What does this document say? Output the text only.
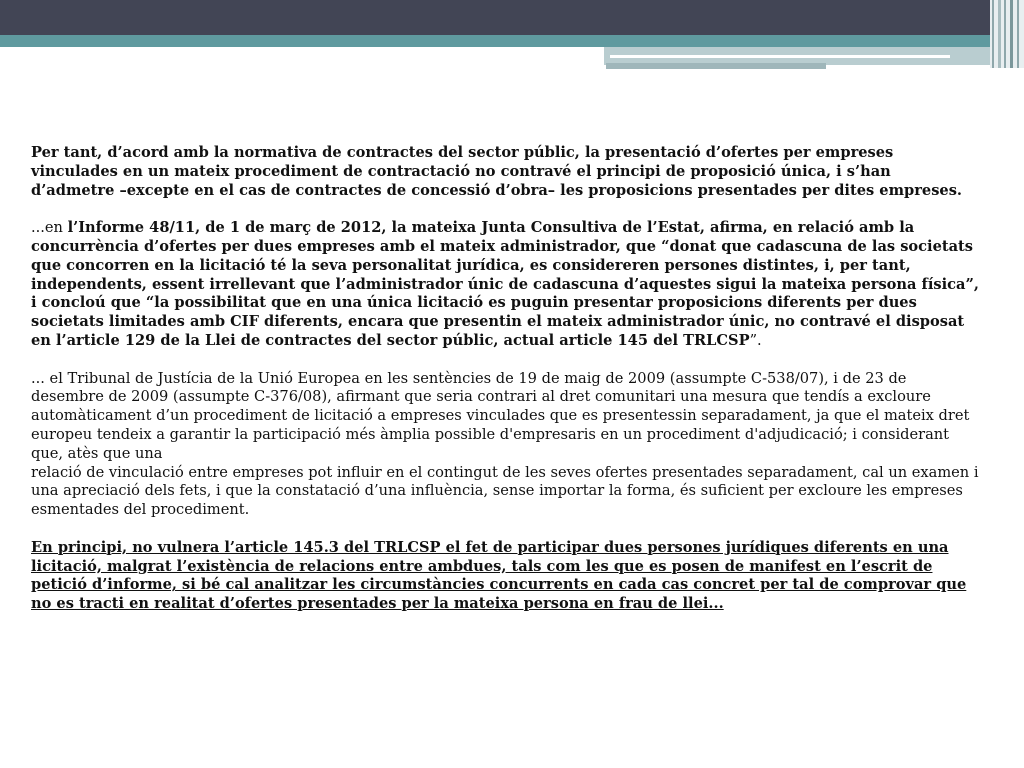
Per tant, d’acord amb la normativa de contractes del sector públic, la presentació d’ofertes per empreses vinculades en un mateix procediment de contractació no contravé el principi de proposició única, i s’han d’admetre –excepte en el cas de contractes de concessió d’obra– les proposicions presentades per dites empreses.

...en l’Informe 48/11, de 1 de març de 2012, la mateixa Junta Consultiva de l’Estat, afirma, en relació amb la concurrència d’ofertes per dues empreses amb el mateix administrador, que “donat que cadascuna de las societats que concorren en la licitació té la seva personalitat jurídica, es considereren persones distintes, i, per tant, independents, essent irrellevant que l’administrador únic de cadascuna d’aquestes sigui la mateixa persona física”, i concloú que “la possibilitat que en una única licitació es puguin presentar proposicions diferents per dues societats limitades amb CIF diferents, encara que presentin el mateix administrador únic, no contravé el disposat en l’article 129 de la Llei de contractes del sector públic, actual article 145 del TRLCSP”.

... el Tribunal de Justícia de la Unió Europea en les sentències de 19 de maig de 2009 (assumpte C-538/07), i de 23 de desembre de 2009 (assumpte C-376/08), afirmant que seria contrari al dret comunitari una mesura que tendís a excloure automàticament d’un procediment de licitació a empreses vinculades que es presentessin separadament, ja que el mateix dret europeu tendeix a garantir la participació més àmplia possible d'empresaris en un procediment d'adjudicació; i considerant que, atès que una
relació de vinculació entre empreses pot influir en el contingut de les seves ofertes presentades separadament, cal un examen i una apreciació dels fets, i que la constatació d’una influència, sense importar la forma, és suficient per excloure les empreses
esmentades del procediment.

En principi, no vulnera l’article 145.3 del TRLCSP el fet de participar dues persones jurídiques diferents en una licitació, malgrat l’existència de relacions entre ambdues, tals com les que es posen de manifest en l’escrit de petició d’informe, si bé cal analitzar les circumstàncies concurrents en cada cas concret per tal de comprovar que no es tracti en realitat d’ofertes presentades per la mateixa persona en frau de llei...
